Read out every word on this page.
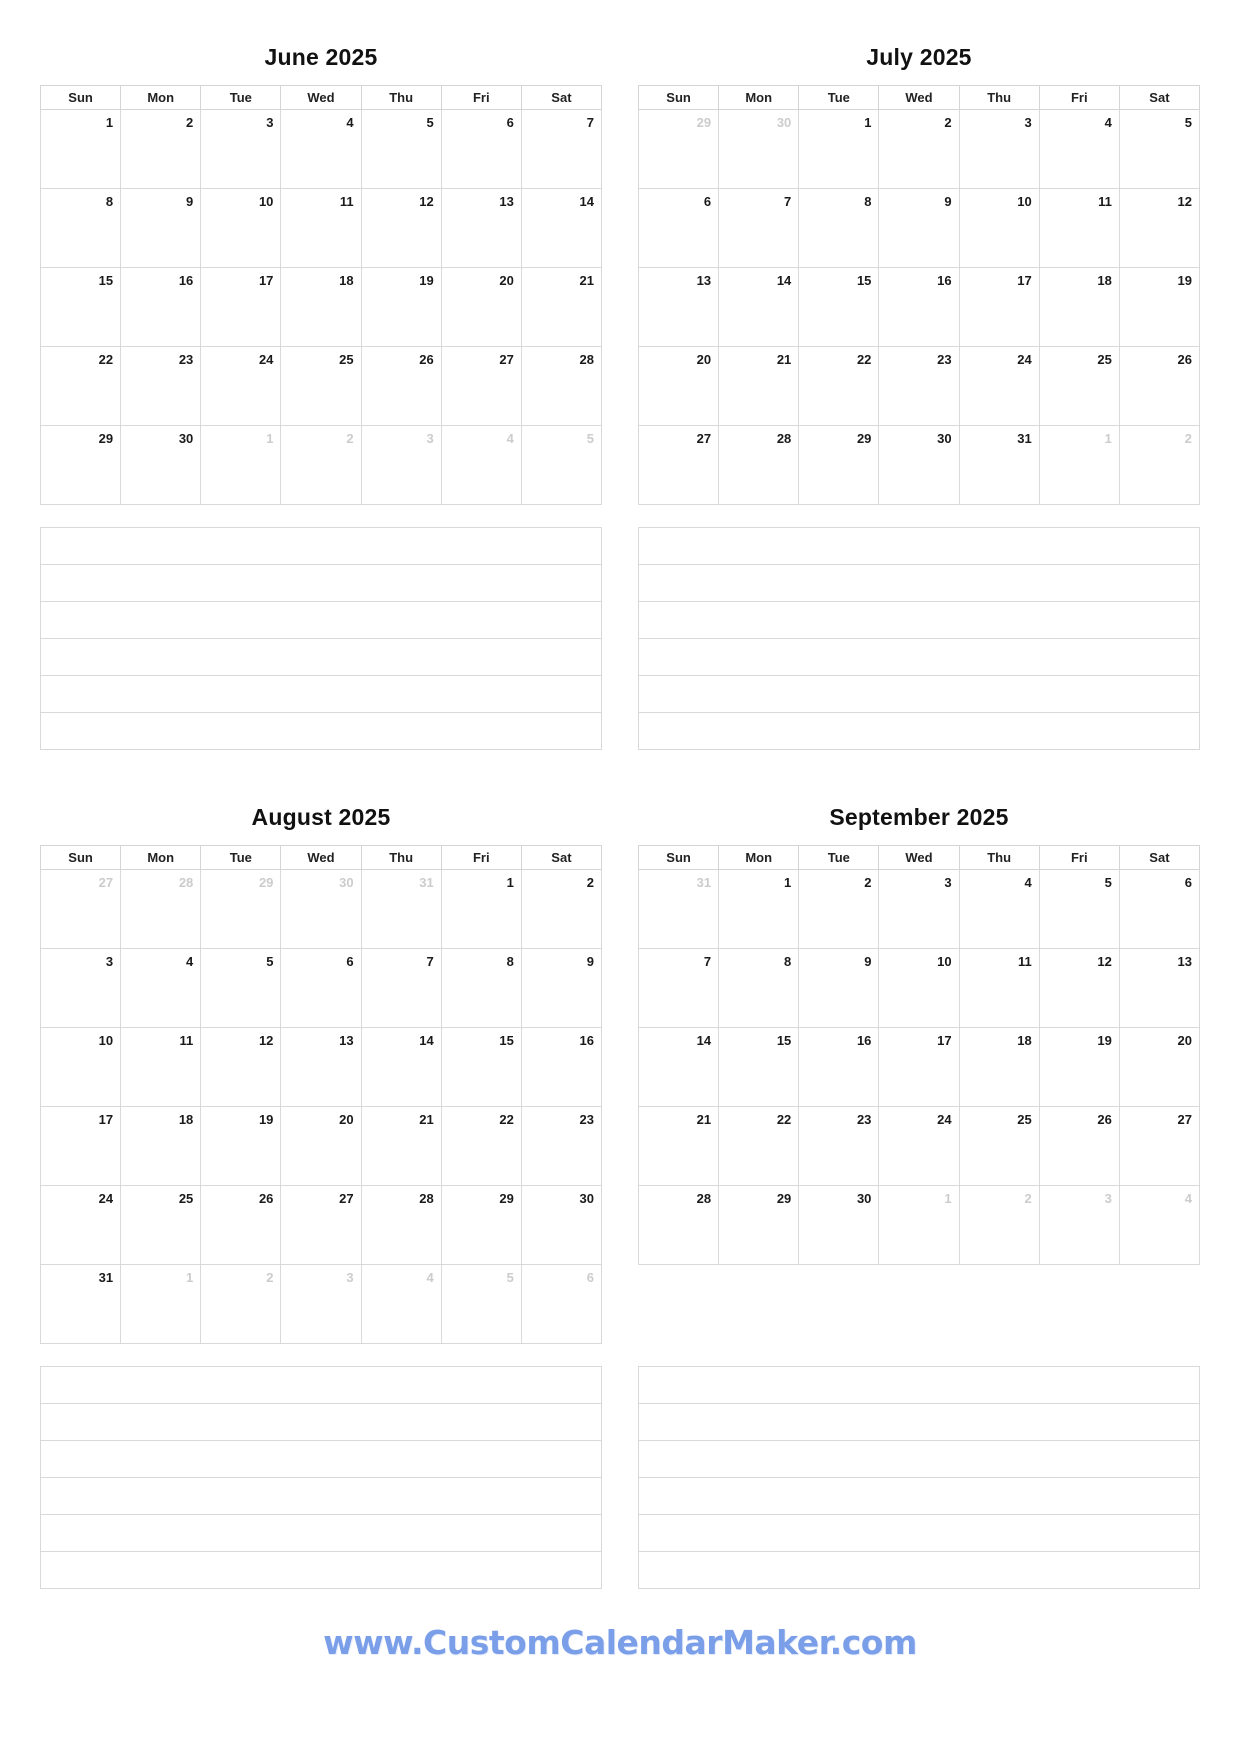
June 2025
Sun	Mon	Tue	Wed	Thu	Fri	Sat
1	2	3	4	5	6	7
8	9	10	11	12	13	14
15	16	17	18	19	20	21
22	23	24	25	26	27	28
29	30	1	2	3	4	5
July 2025
Sun	Mon	Tue	Wed	Thu	Fri	Sat
29	30	1	2	3	4	5
6	7	8	9	10	11	12
13	14	15	16	17	18	19
20	21	22	23	24	25	26
27	28	29	30	31	1	2

August 2025
Sun	Mon	Tue	Wed	Thu	Fri	Sat
27	28	29	30	31	1	2
3	4	5	6	7	8	9
10	11	12	13	14	15	16
17	18	19	20	21	22	23
24	25	26	27	28	29	30
31	1	2	3	4	5	6
September 2025
Sun	Mon	Tue	Wed	Thu	Fri	Sat
31	1	2	3	4	5	6
7	8	9	10	11	12	13
14	15	16	17	18	19	20
21	22	23	24	25	26	27
28	29	30	1	2	3	4

www.CustomCalendarMaker.com
